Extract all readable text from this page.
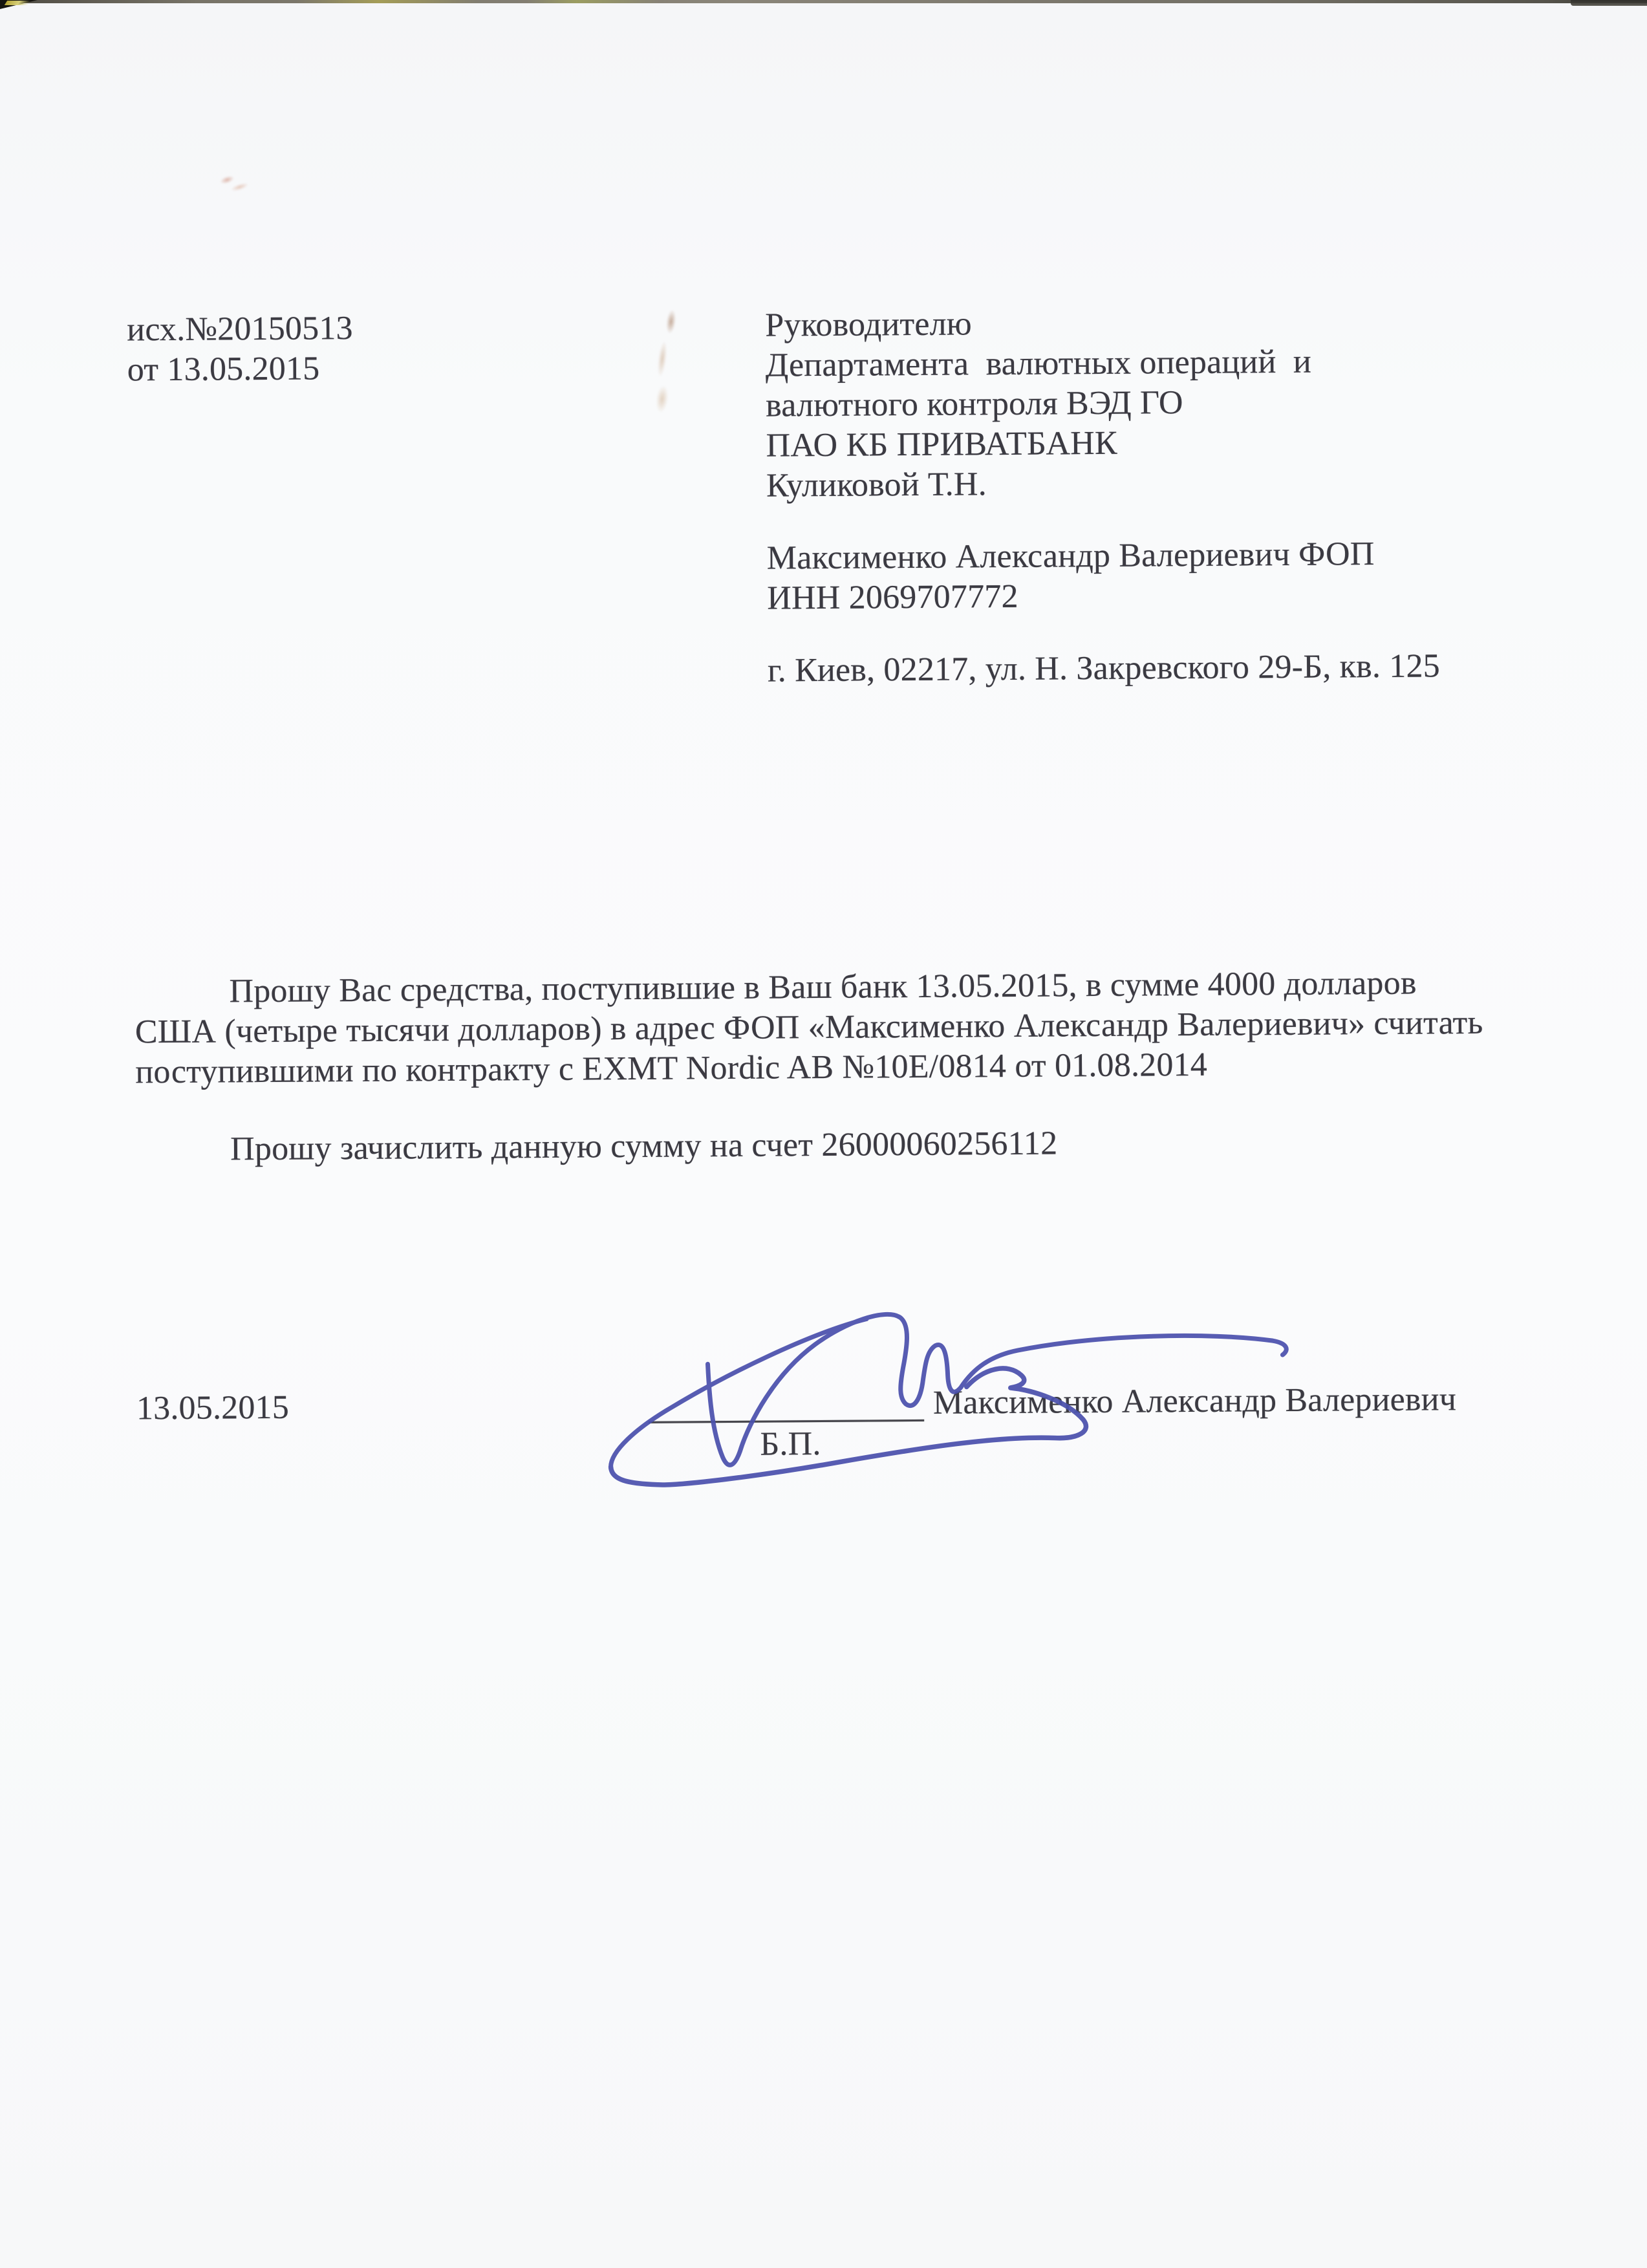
исх.№20150513
от 13.05.2015
Руководителю
Департамента  валютных операций  и
валютного контроля ВЭД ГО
ПАО КБ ПРИВАТБАНК
Куликовой Т.Н.
Максименко Александр Валериевич ФОП
ИНН 2069707772
г. Киев, 02217, ул. Н. Закревского 29-Б, кв. 125
Прошу Вас средства, поступившие в Ваш банк 13.05.2015, в сумме 4000 долларов
США (четыре тысячи долларов) в адрес ФОП «Максименко Александр Валериевич» считать
поступившими по контракту с EXMT Nordic AB №10E/0814 от 01.08.2014
Прошу зачислить данную сумму на счет 26000060256112
13.05.2015	Максименко Александр Валериевич
Б.П.
